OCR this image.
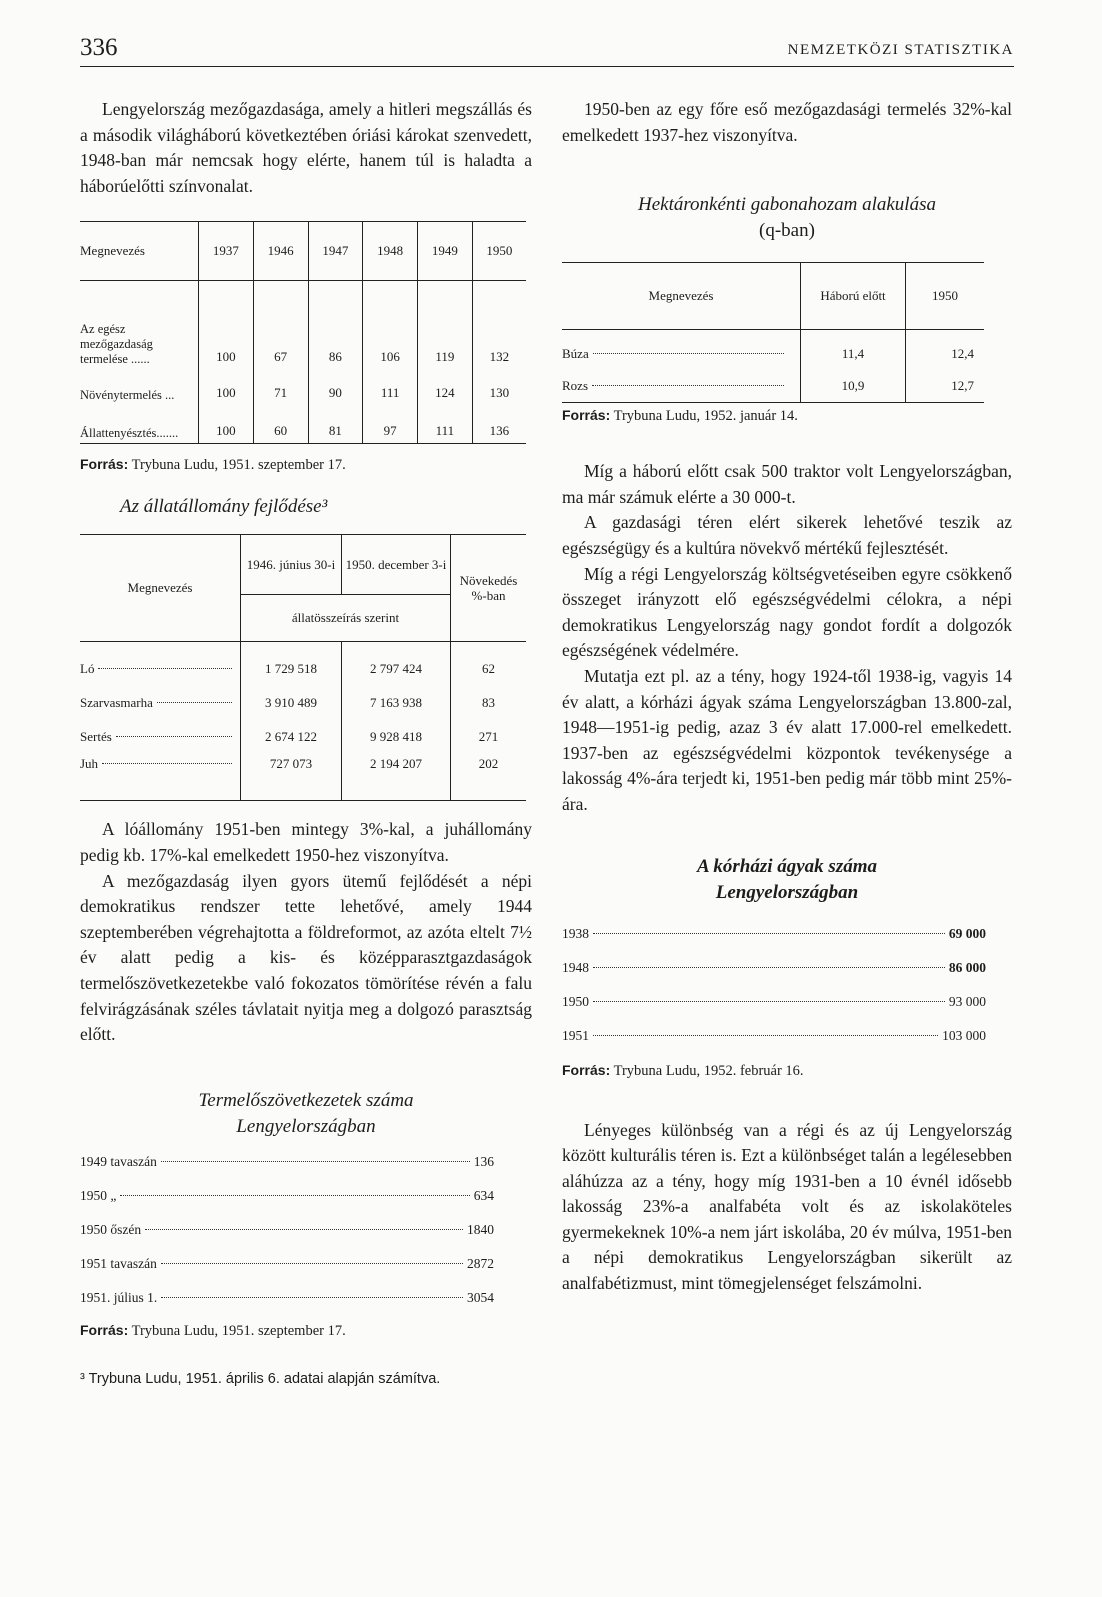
336	NEMZETKÖZI STATISZTIKA

Lengyelország mezőgazdasága, amely a hitleri megszállás és a második világháború következtében óriási károkat szenvedett, 1948-ban már nemcsak hogy elérte, hanem túl is haladta a háborúelőtti színvonalat.

Megnevezés	1937	1946	1947	1948	1949	1950

Az egész mezőgazdaság termelése ......	100	67	86	106	119	132

Növénytermelés ...	100	71	90	111	124	130

Állattenyésztés.......	100	60	81	97	111	136

Forrás: Trybuna Ludu, 1951. szeptember 17.

Az állatállomány fejlődése³

Megnevezés	1946. június 30-i	1950. december 3-i	Növekedés %-ban
	állatösszeírás szerint		

Ló	1 729 518	2 797 424	62

Szarvasmarha	3 910 489	7 163 938	83

Sertés	2 674 122	9 928 418	271

Juh	727 073	2 194 207	202

A lóállomány 1951-ben mintegy 3%-kal, a juhállomány pedig kb. 17%-kal emelkedett 1950-hez viszonyítva.

A mezőgazdaság ilyen gyors ütemű fejlődését a népi demokratikus rendszer tette lehetővé, amely 1944 szeptemberében végrehajtotta a földreformot, az azóta eltelt 7½ év alatt pedig a kis- és középparasztgazdaságok termelőszövetkezetekbe való fokozatos tömörítése révén a falu felvirágzásának széles távlatait nyitja meg a dolgozó parasztság előtt.

Termelőszövetkezetek száma

Lengyelországban

1949 tavaszán	136
1950 „	634
1950 őszén	1840
1951 tavaszán	2872
1951. július 1.	3054

Forrás: Trybuna Ludu, 1951. szeptember 17.

³ Trybuna Ludu, 1951. április 6. adatai alapján számítva.

1950-ben az egy főre eső mezőgazdasági termelés 32%-kal emelkedett 1937-hez viszonyítva.

Hektáronkénti gabonahozam alakulása

(q-ban)

Megnevezés	Háború előtt	1950

Búza	11,4	12,4

Rozs	10,9	12,7

Forrás: Trybuna Ludu, 1952. január 14.

Míg a háború előtt csak 500 traktor volt Lengyelországban, ma már számuk elérte a 30 000-t.

A gazdasági téren elért sikerek lehetővé teszik az egészségügy és a kultúra növekvő mértékű fejlesztését.

Míg a régi Lengyelország költségvetéseiben egyre csökkenő összeget irányzott elő egészségvédelmi célokra, a népi demokratikus Lengyelország nagy gondot fordít a dolgozók egészségének védelmére.

Mutatja ezt pl. az a tény, hogy 1924-től 1938-ig, vagyis 14 év alatt, a kórházi ágyak száma Lengyelországban 13.800-zal, 1948—1951-ig pedig, azaz 3 év alatt 17.000-rel emelkedett. 1937-ben az egészségvédelmi központok tevékenysége a lakosság 4%-ára terjedt ki, 1951-ben pedig már több mint 25%-ára.

A kórházi ágyak száma

Lengyelországban

1938	69 000
1948	86 000
1950	93 000
1951	103 000

Forrás: Trybuna Ludu, 1952. február 16.

Lényeges különbség van a régi és az új Lengyelország között kulturális téren is. Ezt a különbséget talán a legélesebben aláhúzza az a tény, hogy míg 1931-ben a 10 évnél idősebb lakosság 23%-a analfabéta volt és az iskolaköteles gyermekeknek 10%-a nem járt iskolába, 20 év múlva, 1951-ben a népi demokratikus Lengyelországban sikerült az analfabétizmust, mint tömegjelenséget felszámolni.
